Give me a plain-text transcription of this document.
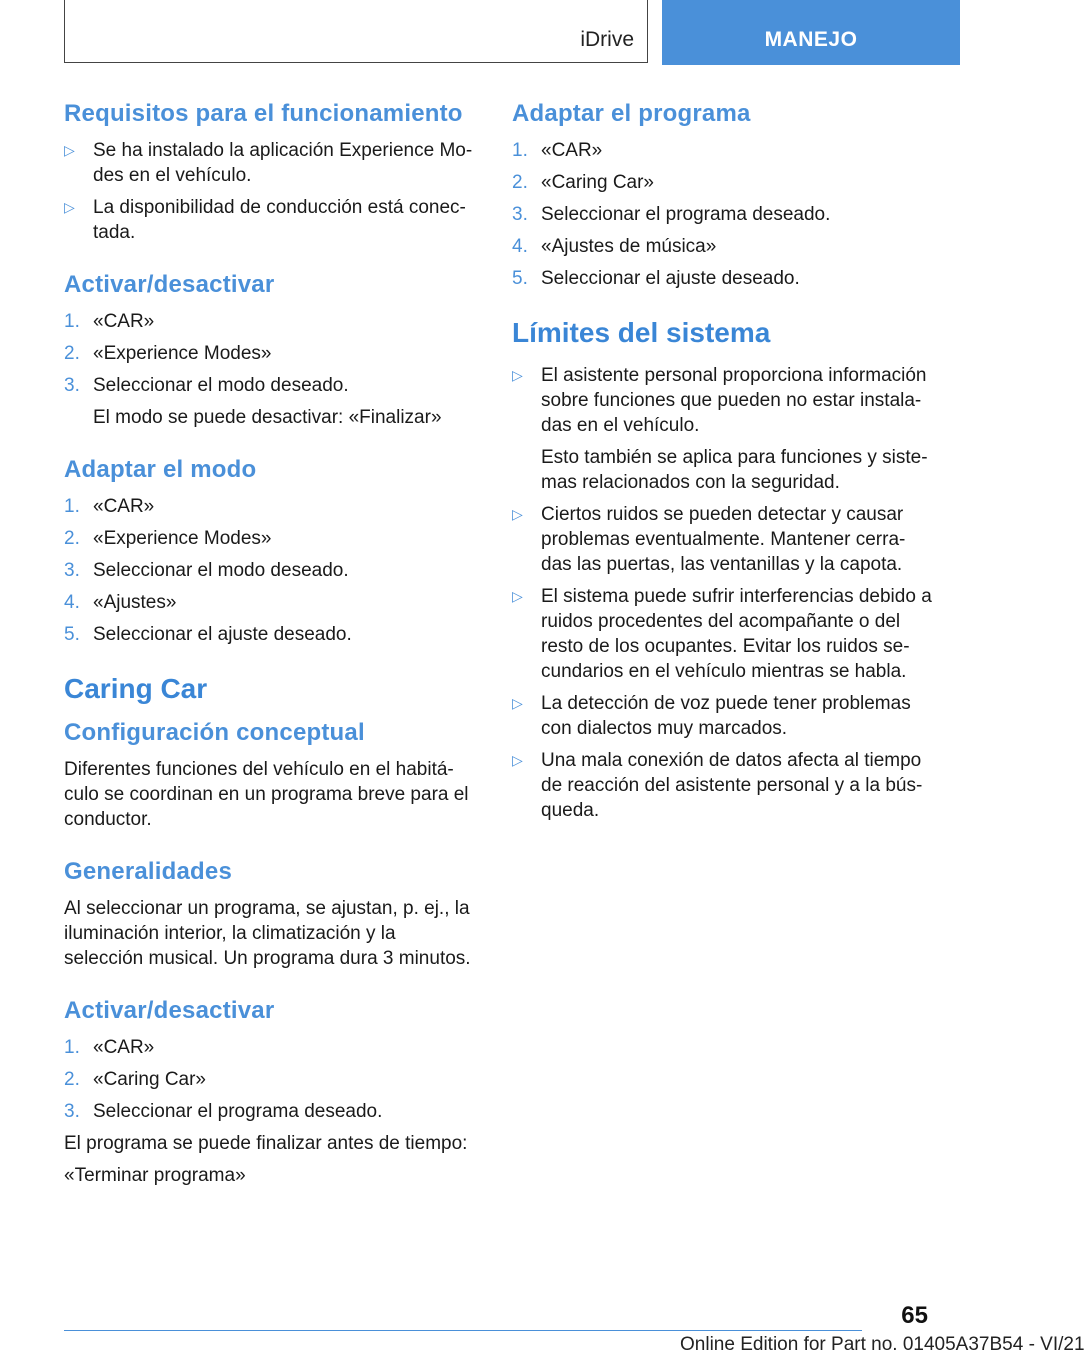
iDrive	MANEJO
Requisitos para el funcionamiento
▷ Se ha instalado la aplicación Experience Mo-des en el vehículo.
▷ La disponibilidad de conducción está conec-tada.
Activar/desactivar
1. «CAR»
2. «Experience Modes»
3. Seleccionar el modo deseado.
El modo se puede desactivar: «Finalizar»
Adaptar el modo
1. «CAR»
2. «Experience Modes»
3. Seleccionar el modo deseado.
4. «Ajustes»
5. Seleccionar el ajuste deseado.
Caring Car
Configuración conceptual

Diferentes funciones del vehículo en el habitá-culo se coordinan en un programa breve para el conductor.

Generalidades

Al seleccionar un programa, se ajustan, p. ej., la iluminación interior, la climatización y la selección musical. Un programa dura 3 minutos.

Activar/desactivar
1. «CAR»
2. «Caring Car»
3. Seleccionar el programa deseado.

El programa se puede finalizar antes de tiempo:

«Terminar programa»

Adaptar el programa
1. «CAR»
2. «Caring Car»
3. Seleccionar el programa deseado.
4. «Ajustes de música»
5. Seleccionar el ajuste deseado.
Límites del sistema
▷ El asistente personal proporciona información sobre funciones que pueden no estar instala-das en el vehículo.
Esto también se aplica para funciones y siste-mas relacionados con la seguridad.
▷ Ciertos ruidos se pueden detectar y causar problemas eventualmente. Mantener cerra-das las puertas, las ventanillas y la capota.
▷ El sistema puede sufrir interferencias debido a ruidos procedentes del acompañante o del resto de los ocupantes. Evitar los ruidos se-cundarios en el vehículo mientras se habla.
▷ La detección de voz puede tener problemas con dialectos muy marcados.
▷ Una mala conexión de datos afecta al tiempo de reacción del asistente personal y a la bús-queda.
65
Online Edition for Part no. 01405A37B54 - VI/21
